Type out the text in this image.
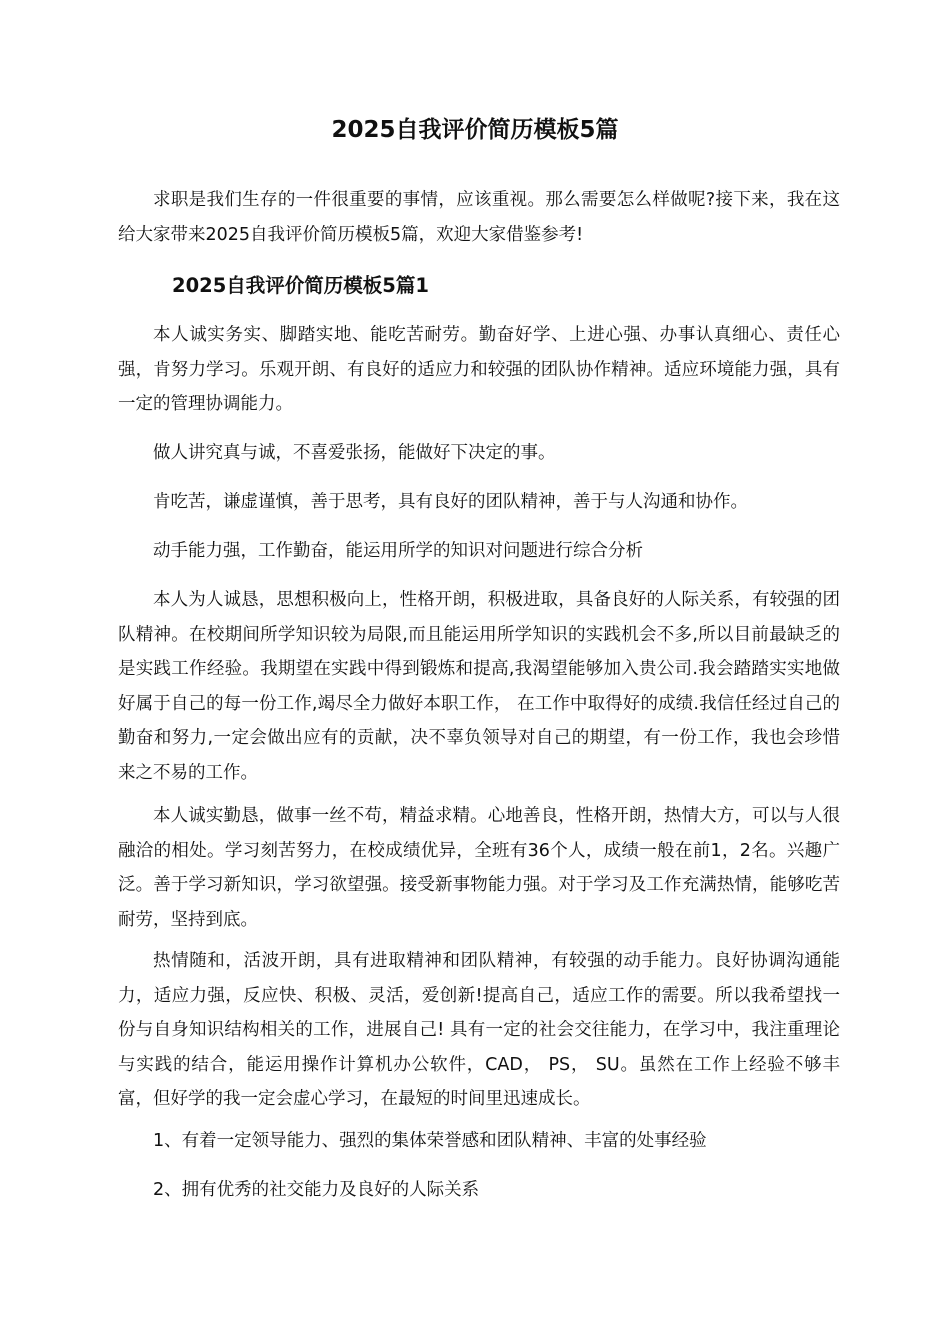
2025自我评价简历模板5篇

求职是我们生存的一件很重要的事情，应该重视。那么需要怎么样做呢?接下来，我在这给大家带来2025自我评价简历模板5篇，欢迎大家借鉴参考!

2025自我评价简历模板5篇1

本人诚实务实、脚踏实地、能吃苦耐劳。勤奋好学、上进心强、办事认真细心、责任心强，肯努力学习。乐观开朗、有良好的适应力和较强的团队协作精神。适应环境能力强，具有一定的管理协调能力。

做人讲究真与诚，不喜爱张扬，能做好下决定的事。

肯吃苦，谦虚谨慎，善于思考，具有良好的团队精神，善于与人沟通和协作。

动手能力强，工作勤奋，能运用所学的知识对问题进行综合分析

本人为人诚恳，思想积极向上，性格开朗，积极进取，具备良好的人际关系，有较强的团队精神。在校期间所学知识较为局限,而且能运用所学知识的实践机会不多,所以目前最缺乏的是实践工作经验。我期望在实践中得到锻炼和提高,我渴望能够加入贵公司.我会踏踏实实地做好属于自己的每一份工作,竭尽全力做好本职工作， 在工作中取得好的成绩.我信任经过自己的勤奋和努力,一定会做出应有的贡献，决不辜负领导对自己的期望，有一份工作，我也会珍惜来之不易的工作。

本人诚实勤恳，做事一丝不苟，精益求精。心地善良，性格开朗，热情大方，可以与人很融洽的相处。学习刻苦努力，在校成绩优异，全班有36个人，成绩一般在前1，2名。兴趣广泛。善于学习新知识，学习欲望强。接受新事物能力强。对于学习及工作充满热情，能够吃苦耐劳，坚持到底。

热情随和，活波开朗，具有进取精神和团队精神，有较强的动手能力。良好协调沟通能力，适应力强，反应快、积极、灵活，爱创新!提高自己，适应工作的需要。所以我希望找一份与自身知识结构相关的工作，进展自己! 具有一定的社会交往能力，在学习中，我注重理论与实践的结合，能运用操作计算机办公软件，CAD， PS， SU。虽然在工作上经验不够丰富，但好学的我一定会虚心学习，在最短的时间里迅速成长。

1、有着一定领导能力、强烈的集体荣誉感和团队精神、丰富的处事经验

2、拥有优秀的社交能力及良好的人际关系
